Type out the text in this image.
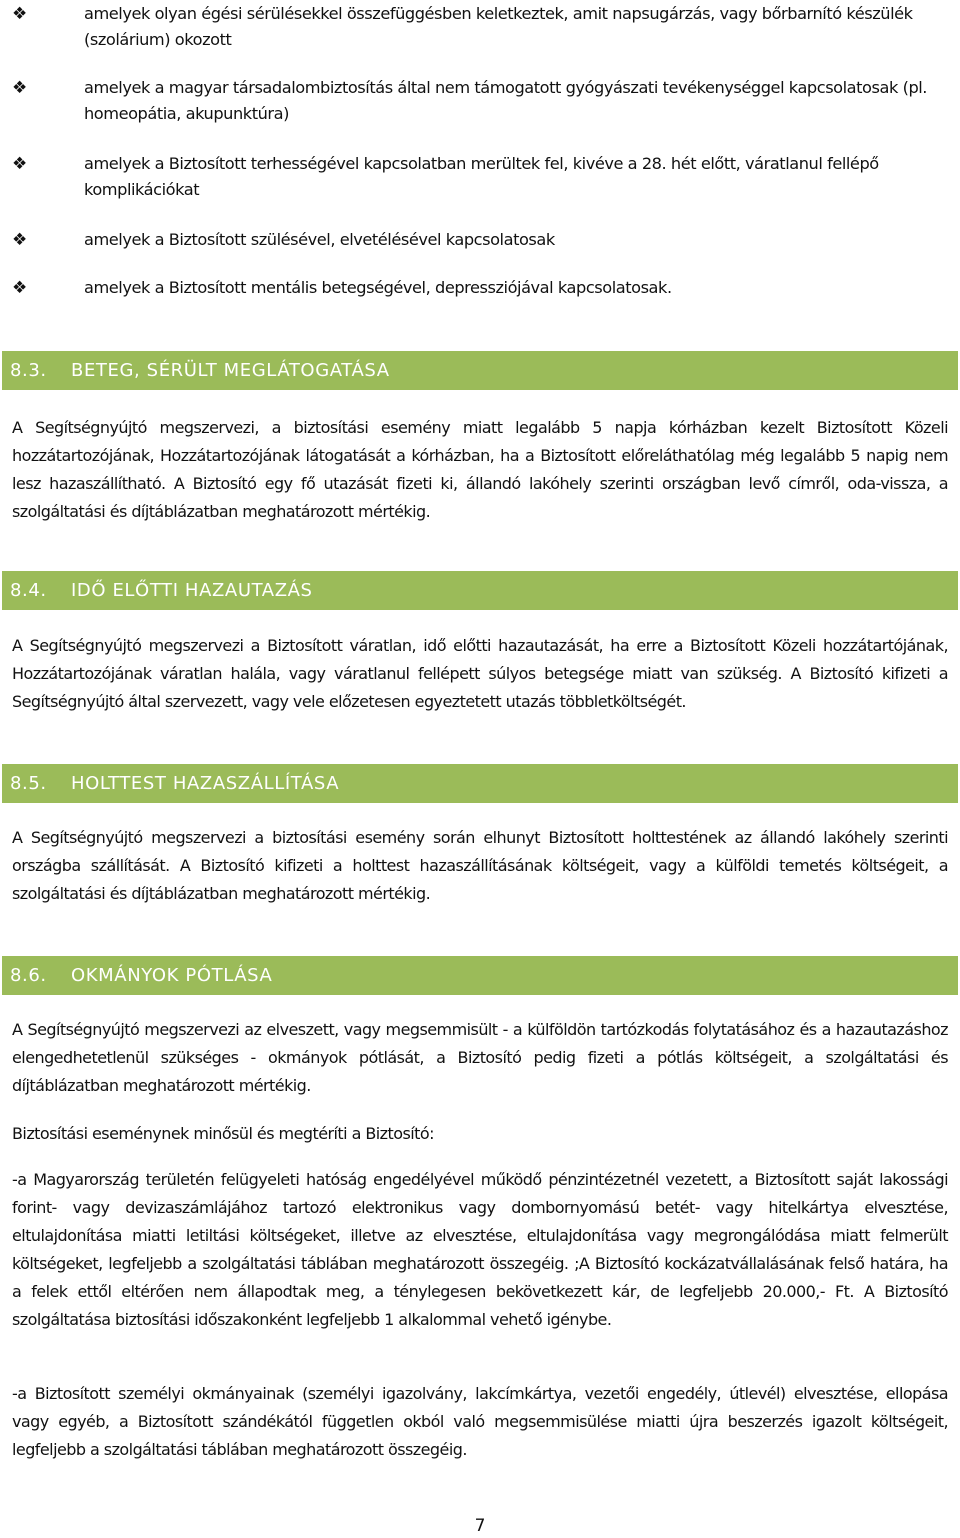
❖	amelyek olyan égési sérülésekkel összefüggésben keletkeztek, amit napsugárzás, vagy bőrbarnító készülék (szolárium) okozott
❖	amelyek a magyar társadalombiztosítás által nem támogatott gyógyászati tevékenységgel kapcsolatosak (pl. homeopátia, akupunktúra)
❖	amelyek a Biztosított terhességével kapcsolatban merültek fel, kivéve a 28. hét előtt, váratlanul fellépő komplikációkat
❖	amelyek a Biztosított szülésével, elvetélésével kapcsolatosak
❖	amelyek a Biztosított mentális betegségével, depressziójával kapcsolatosak.
8.3. BETEG, SÉRÜLT MEGLÁTOGATÁSA
A Segítségnyújtó megszervezi, a biztosítási esemény miatt legalább 5 napja kórházban kezelt Biztosított Közeli hozzátartozójának, Hozzátartozójának látogatását a kórházban, ha a Biztosított előreláthatólag még legalább 5 napig nem lesz hazaszállítható. A Biztosító egy fő utazását fizeti ki, állandó lakóhely szerinti országban levő címről, oda-vissza, a szolgáltatási és díjtáblázatban meghatározott mértékig.
8.4. IDŐ ELŐTTI HAZAUTAZÁS
A Segítségnyújtó megszervezi a Biztosított váratlan, idő előtti hazautazását, ha erre a Biztosított Közeli hozzátartójának, Hozzátartozójának váratlan halála, vagy váratlanul fellépett súlyos betegsége miatt van szükség. A Biztosító kifizeti a Segítségnyújtó által szervezett, vagy vele előzetesen egyeztetett utazás többletköltségét.
8.5. HOLTTEST HAZASZÁLLÍTÁSA
A Segítségnyújtó megszervezi a biztosítási esemény során elhunyt Biztosított holttestének az állandó lakóhely szerinti országba szállítását. A Biztosító kifizeti a holttest hazaszállításának költségeit, vagy a külföldi temetés költségeit, a szolgáltatási és díjtáblázatban meghatározott mértékig.
8.6. OKMÁNYOK PÓTLÁSA
A Segítségnyújtó megszervezi az elveszett, vagy megsemmisült - a külföldön tartózkodás folytatásához és a hazautazáshoz elengedhetetlenül szükséges - okmányok pótlását, a Biztosító pedig fizeti a pótlás költségeit, a szolgáltatási és díjtáblázatban meghatározott mértékig.
Biztosítási eseménynek minősül és megtéríti a Biztosító:
-a Magyarország területén felügyeleti hatóság engedélyével működő pénzintézetnél vezetett, a Biztosított saját lakossági forint- vagy devizaszámlájához tartozó elektronikus vagy dombornyomású betét- vagy hitelkártya elvesztése, eltulajdonítása miatti letiltási költségeket, illetve az elvesztése, eltulajdonítása vagy megrongálódása miatt felmerült költségeket, legfeljebb a szolgáltatási táblában meghatározott összegéig. ;A Biztosító kockázatvállalásának felső határa, ha a felek ettől eltérően nem állapodtak meg, a ténylegesen bekövetkezett kár, de legfeljebb 20.000,- Ft. A Biztosító szolgáltatása biztosítási időszakonként legfeljebb 1 alkalommal vehető igénybe.
-a Biztosított személyi okmányainak (személyi igazolvány, lakcímkártya, vezetői engedély, útlevél) elvesztése, ellopása vagy egyéb, a Biztosított szándékától független okból való megsemmisülése miatti újra beszerzés igazolt költségeit, legfeljebb a szolgáltatási táblában meghatározott összegéig.
7
